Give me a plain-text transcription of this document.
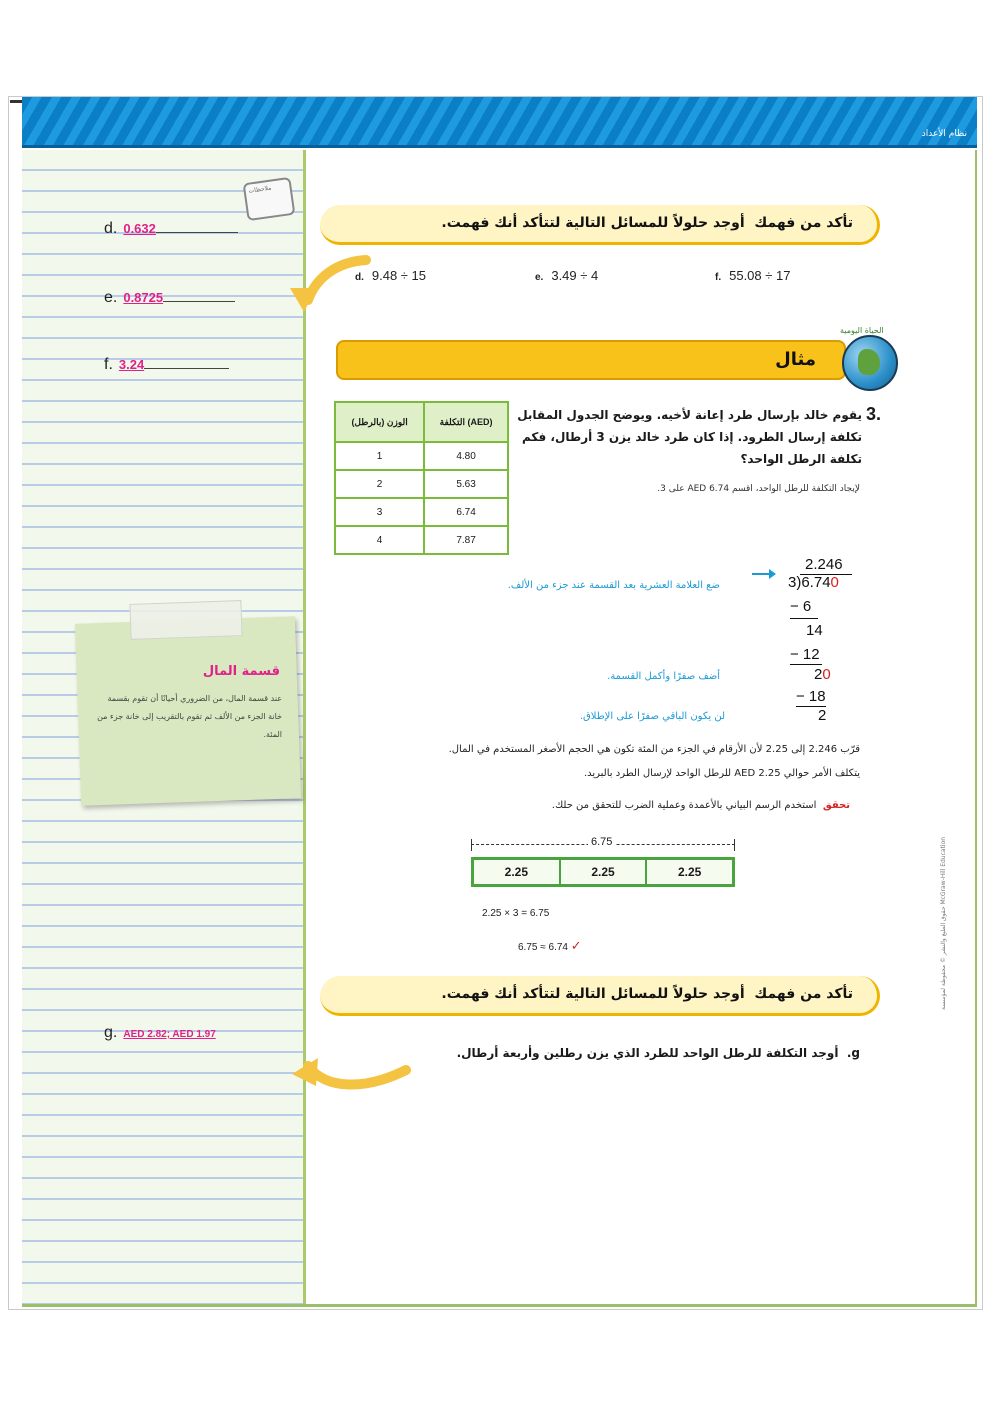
نظام الأعداد
ملاحظات
d. 0.632
e. 0.8725
f. 3.24
تأكد من فهمك  أوجد حلولاً للمسائل التالية لتتأكد أنك فهمت.
d. 9.48 ÷ 15	e. 3.49 ÷ 4	f. 55.08 ÷ 17
مثال
الحياة اليومية
3.
يقوم خالد بإرسال طرد إعانة لأخيه. ويوضح الجدول المقابل تكلفة إرسال الطرود. إذا كان طرد خالد يزن 3 أرطال، فكم تكلفة الرطل الواحد؟
لإيجاد التكلفة للرطل الواحد، اقسم AED 6.74 على 3.
الوزن (بالرطل)	التكلفة (AED)
1	4.80
2	5.63
3	6.74
4	7.87
2.246
3)6.740
− 6
14
− 12
20
− 18
2
ضع العلامة العشرية بعد القسمة عند جزء من الألف.
أضف صفرًا وأكمل القسمة.
لن يكون الباقي صفرًا على الإطلاق.
قرّب 2.246 إلى 2.25 لأن الأرقام في الجزء من المئة تكون هي الحجم الأصغر المستخدم في المال.
يتكلف الأمر حوالي AED 2.25 للرطل الواحد لإرسال الطرد بالبريد.
تحقق  استخدم الرسم البياني بالأعمدة وعملية الضرب للتحقق من حلك.
6.75
2.25	2.25	2.25
2.25 × 3 = 6.75
6.75 ≈ 6.74 ✓
قسمة المال
عند قسمة المال، من الضروري أحيانًا أن تقوم بقسمة خانة الجزء من الألف ثم تقوم بالتقريب إلى خانة جزء من المئة.
تأكد من فهمك  أوجد حلولاً للمسائل التالية لتتأكد أنك فهمت.
g. AED 2.82; AED 1.97
g.  أوجد التكلفة للرطل الواحد للطرد الذي يزن رطلين وأربعة أرطال.
حقوق الطبع والنشر © محفوظة لمؤسسة McGraw-Hill Education
